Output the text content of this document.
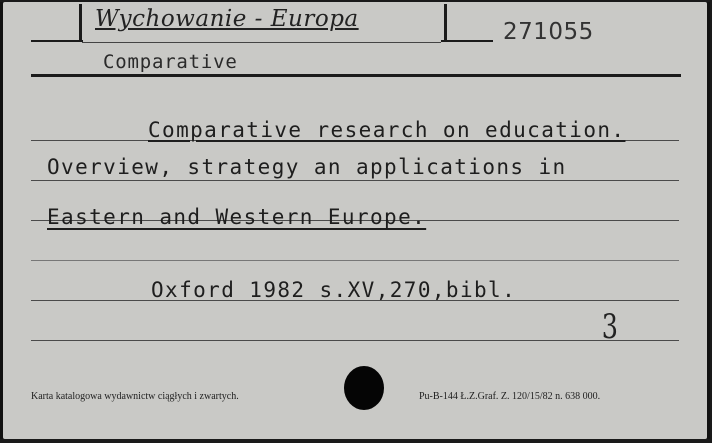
Wychowanie - Europa
Comparative
271055
Comparative research on education.
Overview, strategy an applications in
Eastern and Western Europe.
Oxford 1982 s.XV,270,bibl.
3
Karta katalogowa wydawnictw ciągłych i zwartych.	Pu-B-144 Ł.Z.Graf. Z. 120/15/82 n. 638 000.
